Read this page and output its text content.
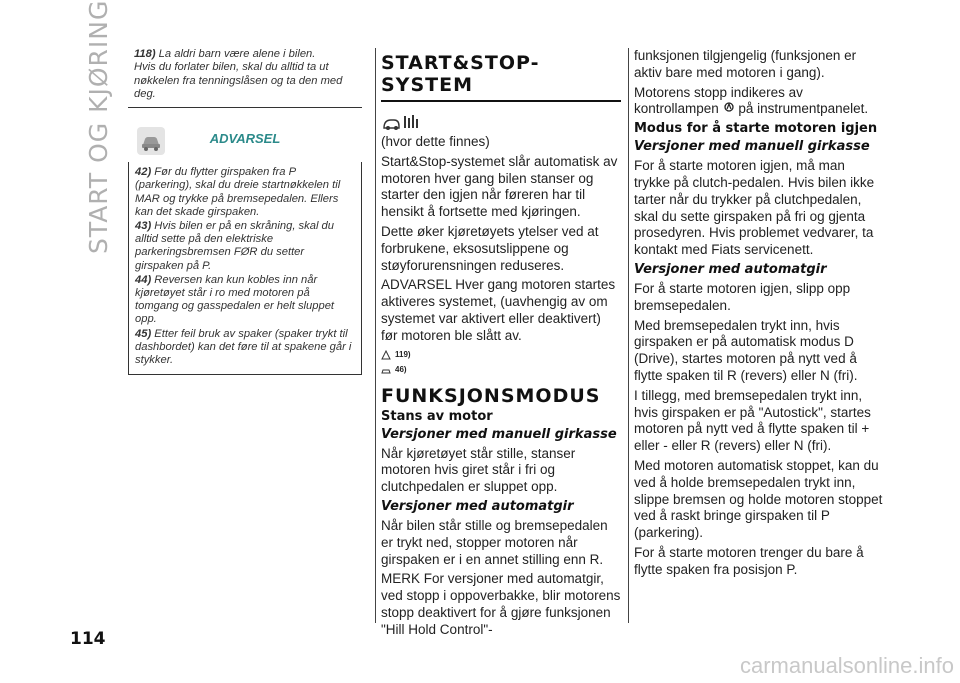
START OG KJØRING
114
118) La aldri barn være alene i bilen.
Hvis du forlater bilen, skal du alltid ta ut nøkkelen fra tenningslåsen og ta den med deg.
ADVARSEL

42) Før du flytter girspaken fra P (parkering), skal du dreie startnøkkelen til MAR og trykke på bremsepedalen. Ellers kan det skade girspaken.

43) Hvis bilen er på en skråning, skal du alltid sette på den elektriske parkeringsbremsen FØR du setter girspaken på P.

44) Reversen kan kun kobles inn når kjøretøyet står i ro med motoren på tomgang og gasspedalen er helt sluppet opp.

45) Etter feil bruk av spaker (spaker trykt til dashbordet) kan det føre til at spakene går i stykker.

START&STOP-SYSTEM

(hvor dette finnes)

Start&Stop-systemet slår automatisk av motoren hver gang bilen stanser og starter den igjen når føreren har til hensikt å fortsette med kjøringen.

Dette øker kjøretøyets ytelser ved at forbrukene, eksosutslippene og støyforurensningen reduseres.

ADVARSEL Hver gang motoren startes aktiveres systemet, (uavhengig av om systemet var aktivert eller deaktivert) før motoren ble slått av.

119)
46)
FUNKSJONSMODUS
Stans av motor
Versjoner med manuell girkasse

Når kjøretøyet står stille, stanser motoren hvis giret står i fri og clutchpedalen er sluppet opp.

Versjoner med automatgir

Når bilen står stille og bremsepedalen er trykt ned, stopper motoren når girspaken er i en annet stilling enn R.

MERK For versjoner med automatgir, ved stopp i oppoverbakke, blir motorens stopp deaktivert for å gjøre funksjonen "Hill Hold Control"-

funksjonen tilgjengelig (funksjonen er aktiv bare med motoren i gang).

Motorens stopp indikeres av kontrollampen på instrumentpanelet.

Modus for å starte motoren igjen
Versjoner med manuell girkasse

For å starte motoren igjen, må man trykke på clutch-pedalen. Hvis bilen ikke tarter når du trykker på clutchpedalen, skal du sette girspaken på fri og gjenta prosedyren. Hvis problemet vedvarer, ta kontakt med Fiats servicenett.

Versjoner med automatgir

For å starte motoren igjen, slipp opp bremsepedalen.

Med bremsepedalen trykt inn, hvis girspaken er på automatisk modus D (Drive), startes motoren på nytt ved å flytte spaken til R (revers) eller N (fri).

I tillegg, med bremsepedalen trykt inn, hvis girspaken er på "Autostick", startes motoren på nytt ved å flytte spaken til + eller - eller R (revers) eller N (fri).

Med motoren automatisk stoppet, kan du ved å holde bremsepedalen trykt inn, slippe bremsen og holde motoren stoppet ved å raskt bringe girspaken til P (parkering).

For å starte motoren trenger du bare å flytte spaken fra posisjon P.

carmanualsonline.info
